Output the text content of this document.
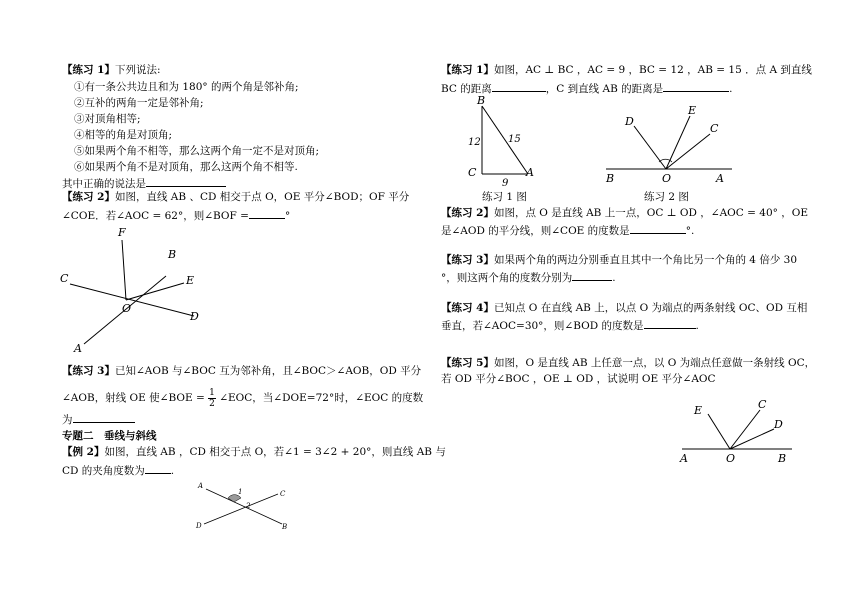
【练习 1】下列说法:
①有一条公共边且和为 180° 的两个角是邻补角;
②互补的两角一定是邻补角;
③对顶角相等;
④相等的角是对顶角;
⑤如果两个角不相等，那么这两个角一定不是对顶角;
⑥如果两个角不是对顶角，那么这两个角不相等.
其中正确的说法是
【练习 2】如图，直线 AB 、CD 相交于点 O，OE 平分∠BOD；OF 平分
∠COE．若∠AOC = 62°，则∠BOF =	°
F
B
C	E
O
D
A
【练习 3】已知∠AOB 与∠BOC 互为邻补角，且∠BOC＞∠AOB，OD 平分
∠AOB，射线 OE 使∠BOE = $\frac{1}{2}$ ∠EOC，当∠DOE=72°时，∠EOC 的度数
为
专题二　垂线与斜线
【例 2】如图，直线 AB ，CD 相交于点 O，若∠1 = 3∠2 + 20°，则直线 AB 与
CD 的夹角度数为 .
A
C
D	B
1
2
【练习 1】如图，AC ⊥ BC ，AC = 9 ，BC = 12 ，AB = 15 ．点 A 到直线
BC 的距离	，C 到直线 AB 的距离是	.
B
C	A
12	15
9
练习 1 图
D
E
C
B	O	A
练习 2 图
【练习 2】如图，点 O 是直线 AB 上一点，OC ⊥ OD ，∠AOC = 40° ，OE
是∠AOD 的平分线，则∠COE 的度数是	°.
【练习 3】如果两个角的两边分别垂直且其中一个角比另一个角的 4 倍少 30
°，则这两个角的度数分别为	.
【练习 4】已知点 O 在直线 AB 上，以点 O 为端点的两条射线 OC、OD 互相
垂直，若∠AOC=30°，则∠BOD 的度数是	.
【练习 5】如图，O 是直线 AB 上任意一点，以 O 为端点任意做一条射线 OC，
若 OD 平分∠BOC ，OE ⊥ OD ，试说明 OE 平分∠AOC
E	C
D
A	O	B
